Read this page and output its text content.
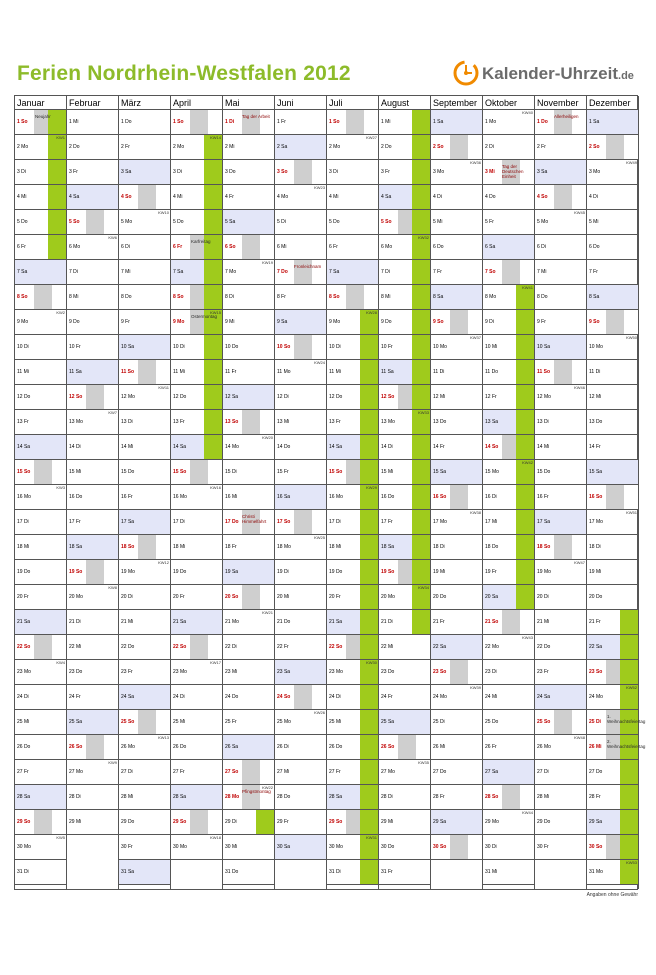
Ferien Nordrhein-Westfalen 2012	Kalender-Uhrzeit.de
Januar
1 So
Neujahr
2 Mo
KW1
3 Di
4 Mi
5 Do
6 Fr
7 Sa
8 So
9 Mo
KW2
10 Di
11 Mi
12 Do
13 Fr
14 Sa
15 So
16 Mo
KW3
17 Di
18 Mi
19 Do
20 Fr
21 Sa
22 So
23 Mo
KW4
24 Di
25 Mi
26 Do
27 Fr
28 Sa
29 So
30 Mo
KW5
31 Di
Februar
1 Mi
2 Do
3 Fr
4 Sa
5 So
6 Mo
KW6
7 Di
8 Mi
9 Do
10 Fr
11 Sa
12 So
13 Mo
KW7
14 Di
15 Mi
16 Do
17 Fr
18 Sa
19 So
20 Mo
KW8
21 Di
22 Mi
23 Do
24 Fr
25 Sa
26 So
27 Mo
KW9
28 Di
29 Mi
März
1 Do
2 Fr
3 Sa
4 So
5 Mo
KW10
6 Di
7 Mi
8 Do
9 Fr
10 Sa
11 So
12 Mo
KW11
13 Di
14 Mi
15 Do
16 Fr
17 Sa
18 So
19 Mo
KW12
20 Di
21 Mi
22 Do
23 Fr
24 Sa
25 So
26 Mo
KW13
27 Di
28 Mi
29 Do
30 Fr
31 Sa
April
1 So
2 Mo
KW14
3 Di
4 Mi
5 Do
6 Fr
Karfreitag
7 Sa
8 So
9 Mo
KW15
Ostermontag
10 Di
11 Mi
12 Do
13 Fr
14 Sa
15 So
16 Mo
KW16
17 Di
18 Mi
19 Do
20 Fr
21 Sa
22 So
23 Mo
KW17
24 Di
25 Mi
26 Do
27 Fr
28 Sa
29 So
30 Mo
KW18
Mai
1 Di
Tag der Arbeit
2 Mi
3 Do
4 Fr
5 Sa
6 So
7 Mo
KW19
8 Di
9 Mi
10 Do
11 Fr
12 Sa
13 So
14 Mo
KW20
15 Di
16 Mi
17 Do
Christi Himmelfahrt
18 Fr
19 Sa
20 So
21 Mo
KW21
22 Di
23 Mi
24 Do
25 Fr
26 Sa
27 So
28 Mo
KW22
Pfingstmontag
29 Di
30 Mi
31 Do
Juni
1 Fr
2 Sa
3 So
4 Mo
KW23
5 Di
6 Mi
7 Do
Fronleichnam
8 Fr
9 Sa
10 So
11 Mo
KW24
12 Di
13 Mi
14 Do
15 Fr
16 Sa
17 So
18 Mo
KW25
19 Di
20 Mi
21 Do
22 Fr
23 Sa
24 So
25 Mo
KW26
26 Di
27 Mi
28 Do
29 Fr
30 Sa
Juli
1 So
2 Mo
KW27
3 Di
4 Mi
5 Do
6 Fr
7 Sa
8 So
9 Mo
KW28
10 Di
11 Mi
12 Do
13 Fr
14 Sa
15 So
16 Mo
KW29
17 Di
18 Mi
19 Do
20 Fr
21 Sa
22 So
23 Mo
KW30
24 Di
25 Mi
26 Do
27 Fr
28 Sa
29 So
30 Mo
KW31
31 Di
August
1 Mi
2 Do
3 Fr
4 Sa
5 So
6 Mo
KW32
7 Di
8 Mi
9 Do
10 Fr
11 Sa
12 So
13 Mo
KW33
14 Di
15 Mi
16 Do
17 Fr
18 Sa
19 So
20 Mo
KW34
21 Di
22 Mi
23 Do
24 Fr
25 Sa
26 So
27 Mo
KW35
28 Di
29 Mi
30 Do
31 Fr
September
1 Sa
2 So
3 Mo
KW36
4 Di
5 Mi
6 Do
7 Fr
8 Sa
9 So
10 Mo
KW37
11 Di
12 Mi
13 Do
14 Fr
15 Sa
16 So
17 Mo
KW38
18 Di
19 Mi
20 Do
21 Fr
22 Sa
23 So
24 Mo
KW39
25 Di
26 Mi
27 Do
28 Fr
29 Sa
30 So
Oktober
1 Mo
KW40
2 Di
3 Mi
Tag der Deutschen Einheit
4 Do
5 Fr
6 Sa
7 So
8 Mo
KW41
9 Di
10 Mi
11 Do
12 Fr
13 Sa
14 So
15 Mo
KW42
16 Di
17 Mi
18 Do
19 Fr
20 Sa
21 So
22 Mo
KW43
23 Di
24 Mi
25 Do
26 Fr
27 Sa
28 So
29 Mo
KW44
30 Di
31 Mi
November
1 Do
Allerheiligen
2 Fr
3 Sa
4 So
5 Mo
KW45
6 Di
7 Mi
8 Do
9 Fr
10 Sa
11 So
12 Mo
KW46
13 Di
14 Mi
15 Do
16 Fr
17 Sa
18 So
19 Mo
KW47
20 Di
21 Mi
22 Do
23 Fr
24 Sa
25 So
26 Mo
KW48
27 Di
28 Mi
29 Do
30 Fr
Dezember
1 Sa
2 So
3 Mo
KW49
4 Di
5 Mi
6 Do
7 Fr
8 Sa
9 So
10 Mo
KW50
11 Di
12 Mi
13 Do
14 Fr
15 Sa
16 So
17 Mo
KW51
18 Di
19 Mi
20 Do
21 Fr
22 Sa
23 So
24 Mo
KW52
25 Di
1. Weihnachtsfeiertag
26 Mi
2. Weihnachtsfeiertag
27 Do
28 Fr
29 Sa
30 So
31 Mo
KW53
Angaben ohne Gewähr
